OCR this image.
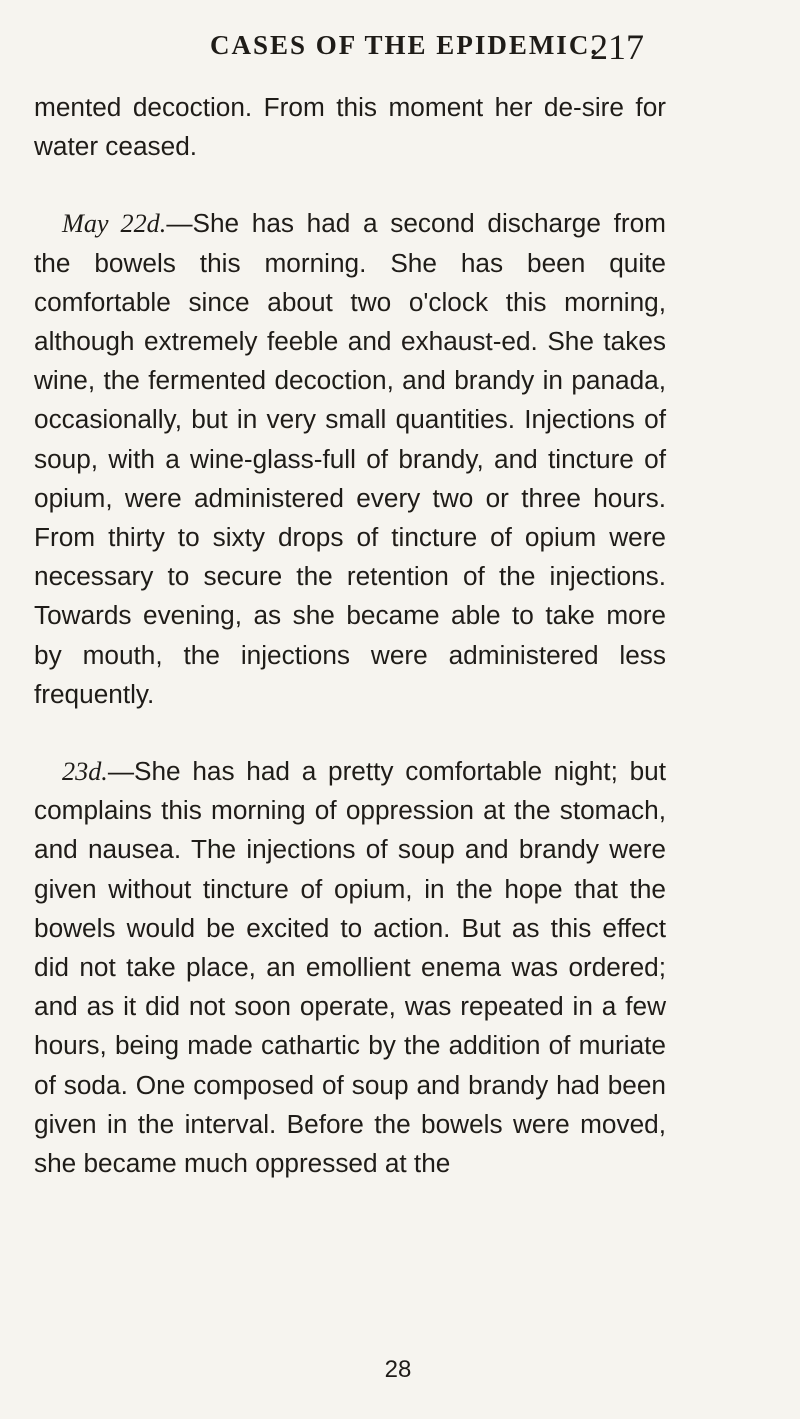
CASES OF THE EPIDEMIC.
217

mented decoction. From this moment her de-sire for water ceased.

May 22d.—She has had a second discharge from the bowels this morning. She has been quite comfortable since about two o'clock this morning, although extremely feeble and exhaust-ed. She takes wine, the fermented decoction, and brandy in panada, occasionally, but in very small quantities. Injections of soup, with a wine-glass-full of brandy, and tincture of opium, were administered every two or three hours. From thirty to sixty drops of tincture of opium were necessary to secure the retention of the injections. Towards evening, as she became able to take more by mouth, the injections were administered less frequently.

23d.—She has had a pretty comfortable night; but complains this morning of oppression at the stomach, and nausea. The injections of soup and brandy were given without tincture of opium, in the hope that the bowels would be excited to action. But as this effect did not take place, an emollient enema was ordered; and as it did not soon operate, was repeated in a few hours, being made cathartic by the addition of muriate of soda. One composed of soup and brandy had been given in the interval. Before the bowels were moved, she became much oppressed at the

28
